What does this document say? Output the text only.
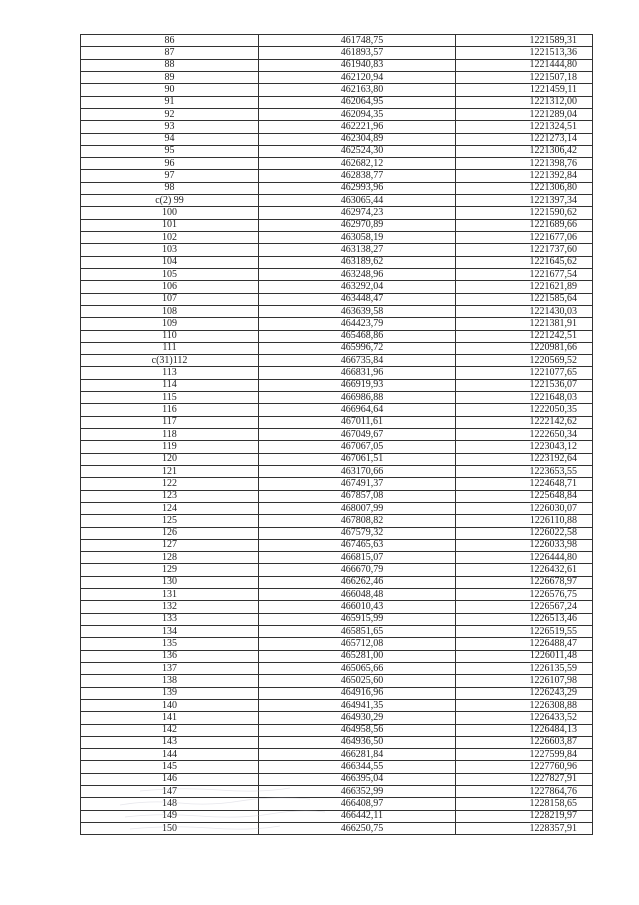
86	461748,75	1221589,31
87	461893,57	1221513,36
88	461940,83	1221444,80
89	462120,94	1221507,18
90	462163,80	1221459,11
91	462064,95	1221312,00
92	462094,35	1221289,04
93	462221,96	1221324,51
94	462304,89	1221273,14
95	462524,30	1221306,42
96	462682,12	1221398,76
97	462838,77	1221392,84
98	462993,96	1221306,80
c(2) 99	463065,44	1221397,34
100	462974,23	1221590,62
101	462970,89	1221689,66
102	463058,19	1221677,06
103	463138,27	1221737,60
104	463189,62	1221645,62
105	463248,96	1221677,54
106	463292,04	1221621,89
107	463448,47	1221585,64
108	463639,58	1221430,03
109	464423,79	1221381,91
110	465468,86	1221242,51
111	465996,72	1220981,66
c(31)112	466735,84	1220569,52
113	466831,96	1221077,65
114	466919,93	1221536,07
115	466986,88	1221648,03
116	466964,64	1222050,35
117	467011,61	1222142,62
118	467049,67	1222650,34
119	467067,05	1223043,12
120	467061,51	1223192,64
121	463170,66	1223653,55
122	467491,37	1224648,71
123	467857,08	1225648,84
124	468007,99	1226030,07
125	467808,82	1226110,88
126	467579,32	1226022,58
127	467465,63	1226033,98
128	466815,07	1226444,80
129	466670,79	1226432,61
130	466262,46	1226678,97
131	466048,48	1226576,75
132	466010,43	1226567,24
133	465915,99	1226513,46
134	465851,65	1226519,55
135	465712,08	1226488,47
136	465281,00	1226011,48
137	465065,66	1226135,59
138	465025,60	1226107,98
139	464916,96	1226243,29
140	464941,35	1226308,88
141	464930,29	1226433,52
142	464958,56	1226484,13
143	464936,50	1226603,87
144	466281,84	1227599,84
145	466344,55	1227760,96
146	466395,04	1227827,91
147	466352,99	1227864,76
148	466408,97	1228158,65
149	466442,11	1228219,97
150	466250,75	1228357,91
